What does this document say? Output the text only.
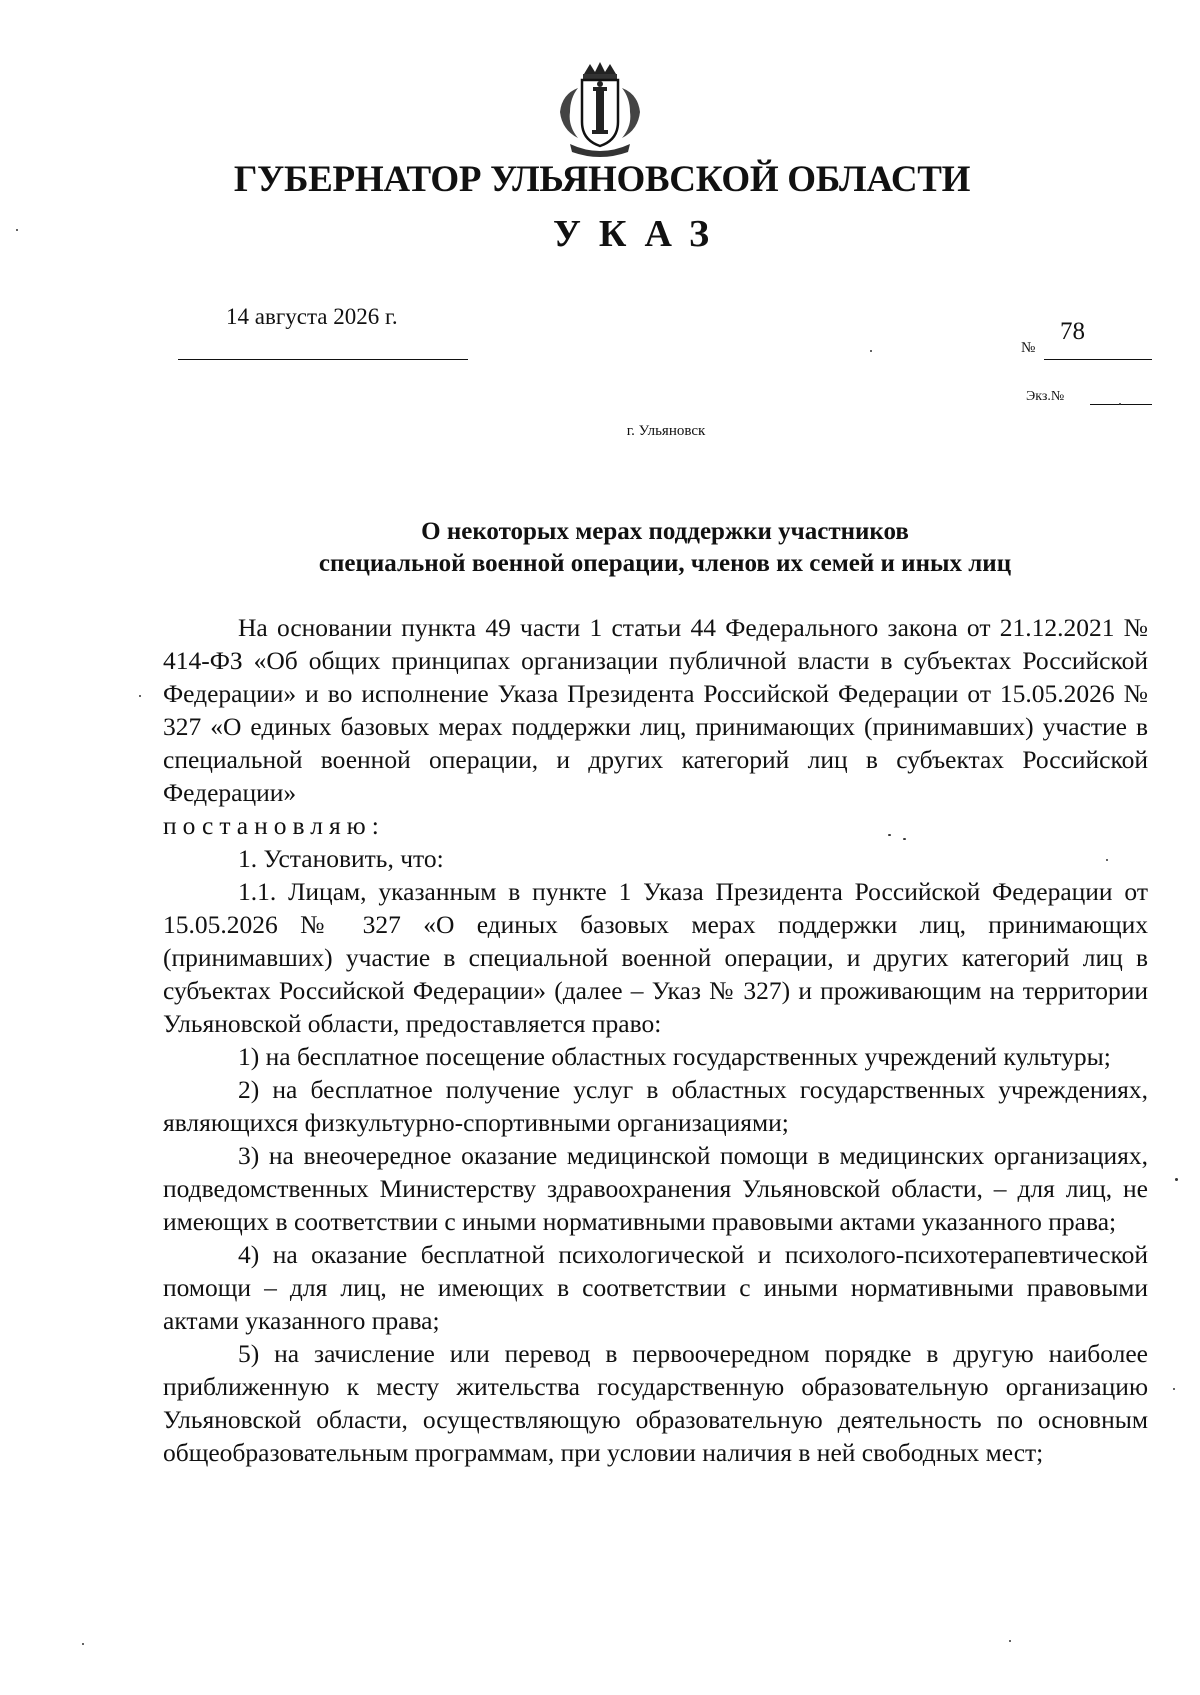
ГУБЕРНАТОР УЛЬЯНОВСКОЙ ОБЛАСТИ
УКАЗ
14 августа 2026 г.
№
78
Экз.№
г. Ульяновск
О некоторых мерах поддержки участников
специальной военной операции, членов их семей и иных лиц

На основании пункта 49 части 1 статьи 44 Федерального закона от 21.12.2021 № 414-ФЗ «Об общих принципах организации публичной власти в субъектах Российской Федерации» и во исполнение Указа Президента Российской Федерации от 15.05.2026 № 327 «О единых базовых мерах поддержки лиц, принимающих (принимавших) участие в специальной военной операции, и других категорий лиц в субъектах Российской Федерации»

постановляю:

1. Установить, что:

1.1. Лицам, указанным в пункте 1 Указа Президента Российской Федерации от 15.05.2026 № 327 «О единых базовых мерах поддержки лиц, принимающих (принимавших) участие в специальной военной операции, и других категорий лиц в субъектах Российской Федерации» (далее – Указ № 327) и проживающим на территории Ульяновской области, предоставляется право:

1) на бесплатное посещение областных государственных учреждений культуры;

2) на бесплатное получение услуг в областных государственных учреждениях, являющихся физкультурно-спортивными организациями;

3) на внеочередное оказание медицинской помощи в медицинских организациях, подведомственных Министерству здравоохранения Ульяновской области, – для лиц, не имеющих в соответствии с иными нормативными правовыми актами указанного права;

4) на оказание бесплатной психологической и психолого-психотерапевтической помощи – для лиц, не имеющих в соответствии с иными нормативными правовыми актами указанного права;

5) на зачисление или перевод в первоочередном порядке в другую наиболее приближенную к месту жительства государственную образовательную организацию Ульяновской области, осуществляющую образовательную деятельность по основным общеобразовательным программам, при условии наличия в ней свободных мест;
